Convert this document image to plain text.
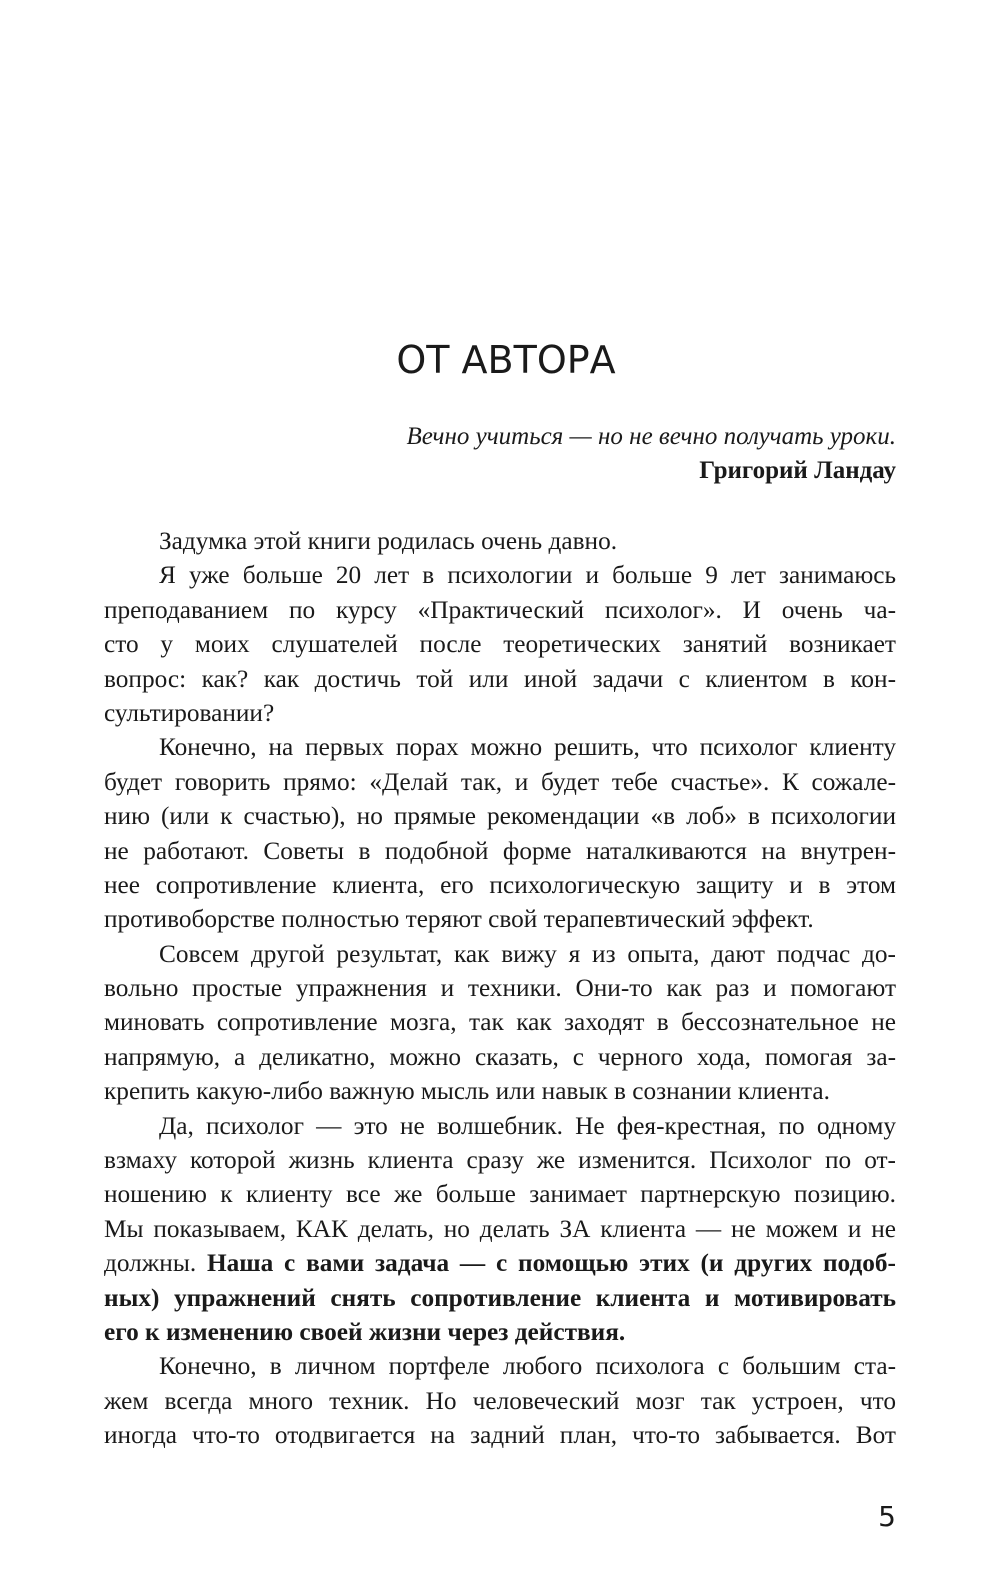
ОТ АВТОРА
Вечно учиться — но не вечно получать уроки.
Григорий Ландау
Задумка этой книги родилась очень давно.
Я уже больше 20 лет в психологии и больше 9 лет занимаюсь
преподаванием по курсу «Практический психолог». И очень ча-
сто у моих слушателей после теоретических занятий возникает
вопрос: как? как достичь той или иной задачи с клиентом в кон-
сультировании?
Конечно, на первых порах можно решить, что психолог клиенту
будет говорить прямо: «Делай так, и будет тебе счастье». К сожале-
нию (или к счастью), но прямые рекомендации «в лоб» в психологии
не работают. Советы в подобной форме наталкиваются на внутрен-
нее сопротивление клиента, его психологическую защиту и в этом
противоборстве полностью теряют свой терапевтический эффект.
Совсем другой результат, как вижу я из опыта, дают подчас до-
вольно простые упражнения и техники. Они-то как раз и помогают
миновать сопротивление мозга, так как заходят в бессознательное не
напрямую, а деликатно, можно сказать, с черного хода, помогая за-
крепить какую-либо важную мысль или навык в сознании клиента.
Да, психолог — это не волшебник. Не фея-крестная, по одному
взмаху которой жизнь клиента сразу же изменится. Психолог по от-
ношению к клиенту все же больше занимает партнерскую позицию.
Мы показываем, КАК делать, но делать ЗА клиента — не можем и не
должны. Наша с вами задача — с помощью этих (и других подоб-
ных) упражнений снять сопротивление клиента и мотивировать
его к изменению своей жизни через действия.
Конечно, в личном портфеле любого психолога с большим ста-
жем всегда много техник. Но человеческий мозг так устроен, что
иногда что-то отодвигается на задний план, что-то забывается. Вот
5
